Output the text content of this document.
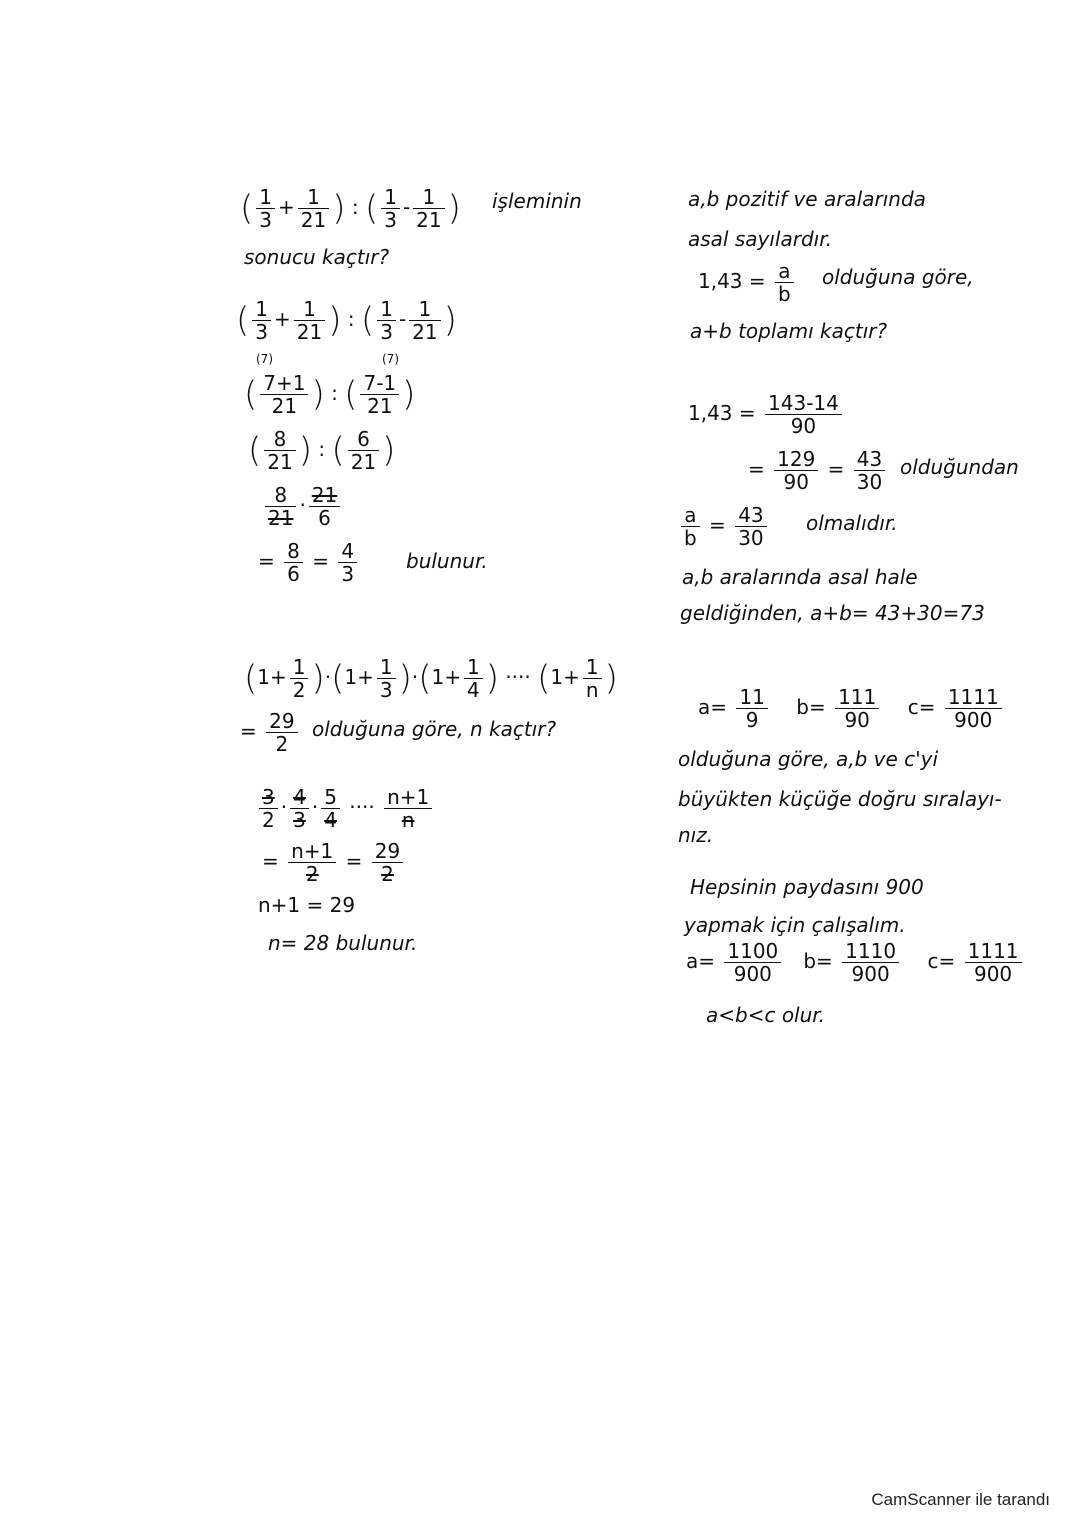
( $\frac{1}{3} + \frac{1}{21}$ ) : ( $\frac{1}{3} - \frac{1}{21}$ ) işleminin
sonucu kaçtır?
( $\frac{1}{3} + \frac{1}{21}$ ) : ( $\frac{1}{3} - \frac{1}{21}$ )
(7)	(7)
( $\frac{7+1}{21}$ ) : ( $\frac{7-1}{21}$ )
( $\frac{8}{21}$ ) : ( $\frac{6}{21}$ )
$\frac{8}{21} \cdot \frac{21}{6}$
= $\frac{8}{6} = \frac{4}{3}$ bulunur.
$(1+ \frac{1}{2} )\cdot(1+ \frac{1}{3} )\cdot(1+ \frac{1}{4}$ ) ···· ($1+ \frac{1}{n}$ )
= $\frac{29}{2}$ olduğuna göre, n kaçtır?
$\frac{3}{2} \cdot \frac{4}{3} \cdot \frac{5}{4}$ ···· $\frac{n+1}{n}$
= $\frac{n+1}{2} = \frac{29}{2}$
n+1 = 29
n= 28 bulunur.
a,b pozitif ve aralarında
asal sayılardır.
$1,43 = \frac{a}{b}$ olduğuna göre,
a+b toplamı kaçtır?
$1,43 = \frac{143-14}{90}$
= $\frac{129}{90} = \frac{43}{30}$ olduğundan
$\frac{a}{b} = \frac{43}{30}$ olmalıdır.
a,b aralarında asal hale
geldiğinden, a+b= 43+30=73
$a= \frac{11}{9} b= \frac{111}{90} c= \frac{1111}{900}$
olduğuna göre, a,b ve c'yi
büyükten küçüğe doğru sıralayı-
nız.
Hepsinin paydasını 900
yapmak için çalışalım.
$a= \frac{1100}{900} b= \frac{1110}{900} c= \frac{1111}{900}$
a<b<c olur.
CamScanner ile tarandı
